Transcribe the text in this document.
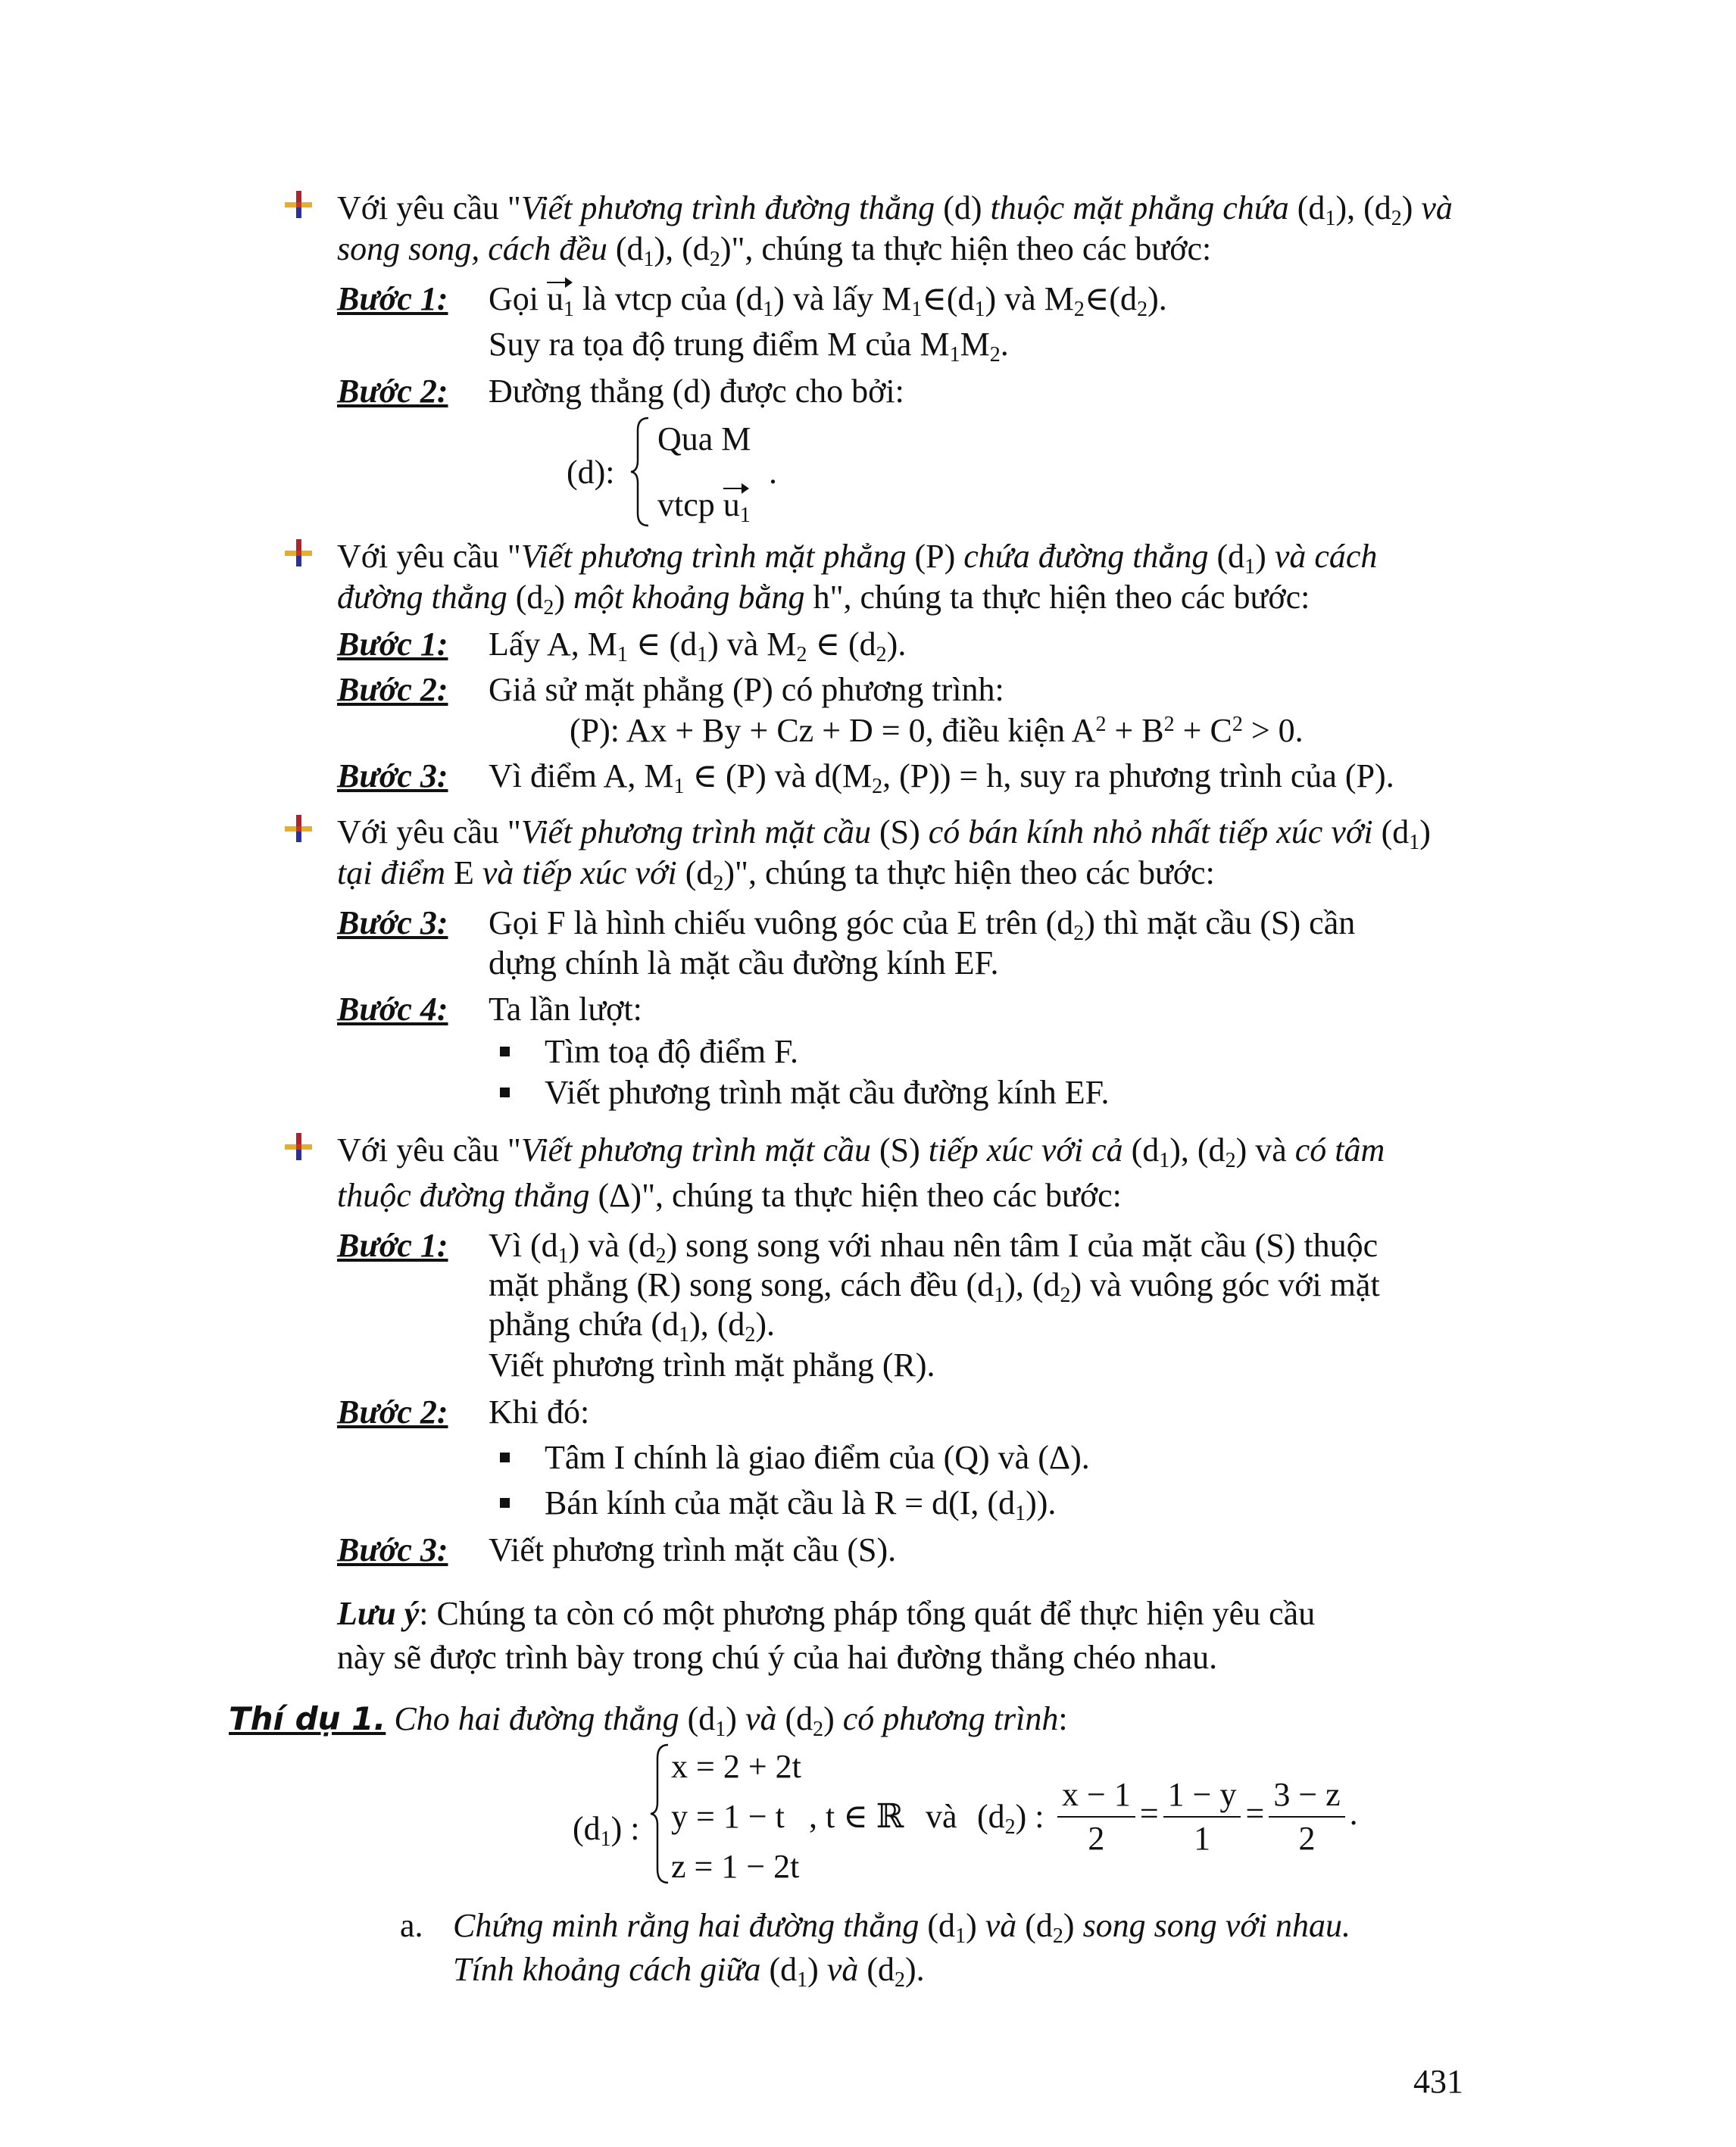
Với yêu cầu "Viết phương trình đường thẳng (d) thuộc mặt phẳng chứa $(d_1)$, $(d_2)$ và
song song, cách đều $(d_1)$, $(d_2)$", chúng ta thực hiện theo các bước:
Bước 1: Gọi $u_1$ là vtcp của $(d_1)$ và lấy $M_1\in(d_1)$ và $M_2\in(d_2)$.
Suy ra tọa độ trung điểm M của $M_1M_2$.
Bước 2: Đường thẳng (d) được cho bởi:
(d):
Qua M
vtcp $u_1$
.
Với yêu cầu "Viết phương trình mặt phẳng (P) chứa đường thẳng $(d_1)$ và cách
đường thẳng $(d_2)$ một khoảng bằng h", chúng ta thực hiện theo các bước:
Bước 1: Lấy A, $M_1$ ∈ $(d_1)$ và $M_2$ ∈ $(d_2)$.
Bước 2: Giả sử mặt phẳng (P) có phương trình:
(P): Ax + By + Cz + D = 0, điều kiện $A^2 + B^2 + C^2 > 0$.
Bước 3: Vì điểm A, $M_1$ ∈ (P) và $d(M_2$, (P)) = h, suy ra phương trình của (P).
Với yêu cầu "Viết phương trình mặt cầu (S) có bán kính nhỏ nhất tiếp xúc với $(d_1)$
tại điểm E và tiếp xúc với $(d_2)$", chúng ta thực hiện theo các bước:
Bước 3: Gọi F là hình chiếu vuông góc của E trên $(d_2)$ thì mặt cầu (S) cần
dựng chính là mặt cầu đường kính EF.
Bước 4: Ta lần lượt:
Tìm toạ độ điểm F.
Viết phương trình mặt cầu đường kính EF.
Với yêu cầu "Viết phương trình mặt cầu (S) tiếp xúc với cả $(d_1)$, $(d_2)$ và có tâm
thuộc đường thẳng (Δ)", chúng ta thực hiện theo các bước:
Bước 1: Vì $(d_1)$ và $(d_2)$ song song với nhau nên tâm I của mặt cầu (S) thuộc
mặt phẳng (R) song song, cách đều $(d_1)$, $(d_2)$ và vuông góc với mặt
phẳng chứa $(d_1)$, $(d_2)$.
Viết phương trình mặt phẳng (R).
Bước 2: Khi đó:
Tâm I chính là giao điểm của (Q) và (Δ).
Bán kính của mặt cầu là R = d(I, $(d_1)$).
Bước 3: Viết phương trình mặt cầu (S).
Lưu ý: Chúng ta còn có một phương pháp tổng quát để thực hiện yêu cầu
này sẽ được trình bày trong chú ý của hai đường thẳng chéo nhau.
Thí dụ 1. Cho hai đường thẳng $(d_1)$ và $(d_2)$ có phương trình:
$(d_1)$ :
x = 2 + 2t
y = 1 − t
z = 1 − 2t
, t ∈ ℝ và $(d_2)$ : $\frac{x - 1}{2} = \frac{1 - y}{1} = \frac{3 - z}{2}$ .
a. Chứng minh rằng hai đường thẳng $(d_1)$ và $(d_2)$ song song với nhau.
Tính khoảng cách giữa $(d_1)$ và $(d_2)$.
431
